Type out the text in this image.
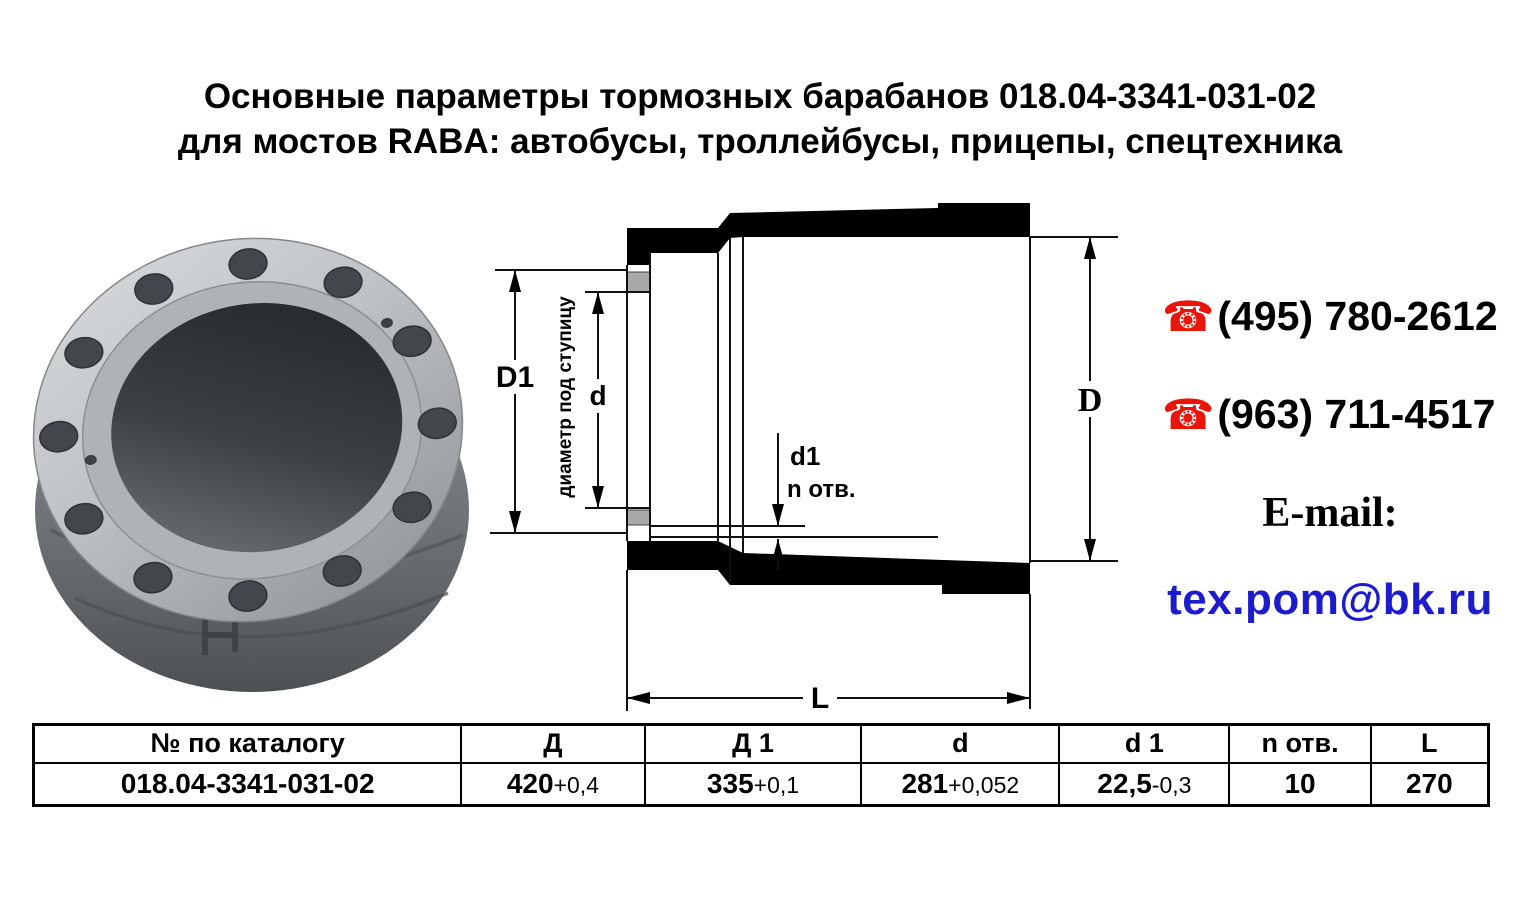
Основные параметры тормозных барабанов 018.04-3341-031-02
для мостов RABA: автобусы, троллейбусы, прицепы, спецтехника
D1 диаметр под ступицу d
d1
n отв.
D
L
☎ (495) 780-2612
☎ (963) 711-4517
E-mail:
tex.pom@bk.ru
№ по каталогу	Д	Д 1	d	d 1	n отв.	L
018.04-3341-031-02	420+0,4	335+0,1	281+0,052	22,5-0,3	10	270
